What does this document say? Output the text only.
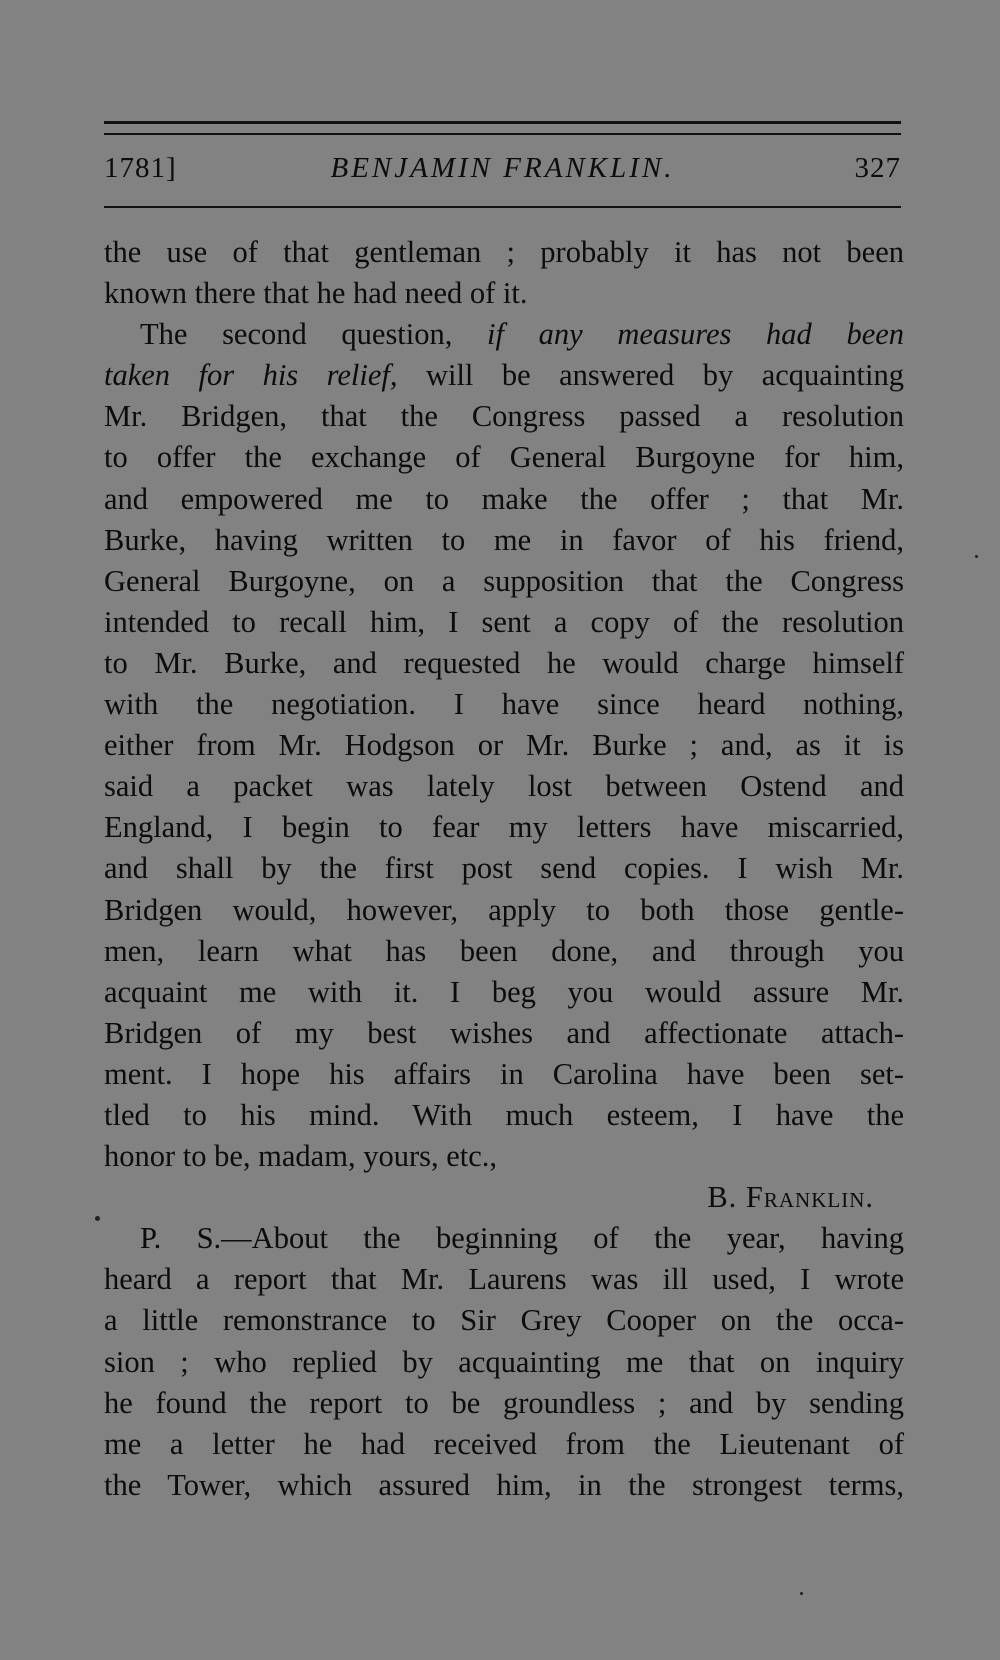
1781]	BENJAMIN FRANKLIN.	327
the use of that gentleman ; probably it has not been
known there that he had need of it.
The second question, if any measures had been
taken for his relief, will be answered by acquainting
Mr. Bridgen, that the Congress passed a resolution
to offer the exchange of General Burgoyne for him,
and empowered me to make the offer ; that Mr.
Burke, having written to me in favor of his friend,
General Burgoyne, on a supposition that the Congress
intended to recall him, I sent a copy of the resolution
to Mr. Burke, and requested he would charge himself
with the negotiation. I have since heard nothing,
either from Mr. Hodgson or Mr. Burke ; and, as it is
said a packet was lately lost between Ostend and
England, I begin to fear my letters have miscarried,
and shall by the first post send copies. I wish Mr.
Bridgen would, however, apply to both those gentle-
men, learn what has been done, and through you
acquaint me with it. I beg you would assure Mr.
Bridgen of my best wishes and affectionate attach-
ment. I hope his affairs in Carolina have been set-
tled to his mind. With much esteem, I have the
honor to be, madam, yours, etc.,
B. Franklin.
P. S.—About the beginning of the year, having
heard a report that Mr. Laurens was ill used, I wrote
a little remonstrance to Sir Grey Cooper on the occa-
sion ; who replied by acquainting me that on inquiry
he found the report to be groundless ; and by sending
me a letter he had received from the Lieutenant of
the Tower, which assured him, in the strongest terms,
